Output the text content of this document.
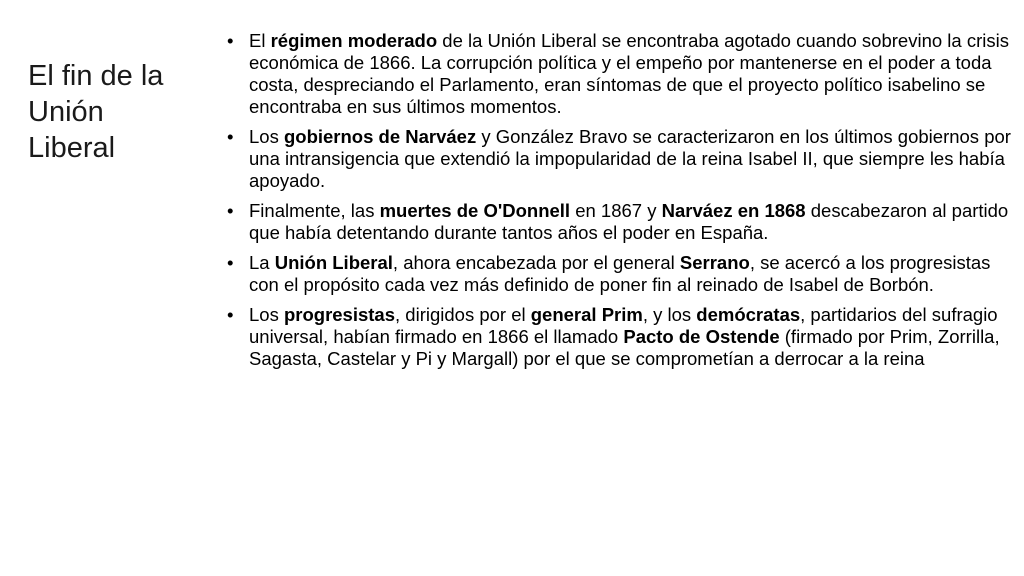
El fin de la Unión Liberal
• El régimen moderado de la Unión Liberal se encontraba agotado cuando sobrevino la crisis económica de 1866. La corrupción política y el empeño por mantenerse en el poder a toda costa, despreciando el Parlamento, eran síntomas de que el proyecto político isabelino se encontraba en sus últimos momentos.
• Los gobiernos de Narváez y González Bravo se caracterizaron en los últimos gobiernos por una intransigencia que extendió la impopularidad de la reina Isabel II, que siempre les había apoyado.
• Finalmente, las muertes de O'Donnell en 1867 y Narváez en 1868 descabezaron al partido que había detentando durante tantos años el poder en España.
• La Unión Liberal, ahora encabezada por el general Serrano, se acercó a los progresistas con el propósito cada vez más definido de poner fin al reinado de Isabel de Borbón.
• Los progresistas, dirigidos por el general Prim, y los demócratas, partidarios del sufragio universal, habían firmado en 1866 el llamado Pacto de Ostende (firmado por Prim, Zorrilla, Sagasta, Castelar y Pi y Margall) por el que se comprometían a derrocar a la reina
